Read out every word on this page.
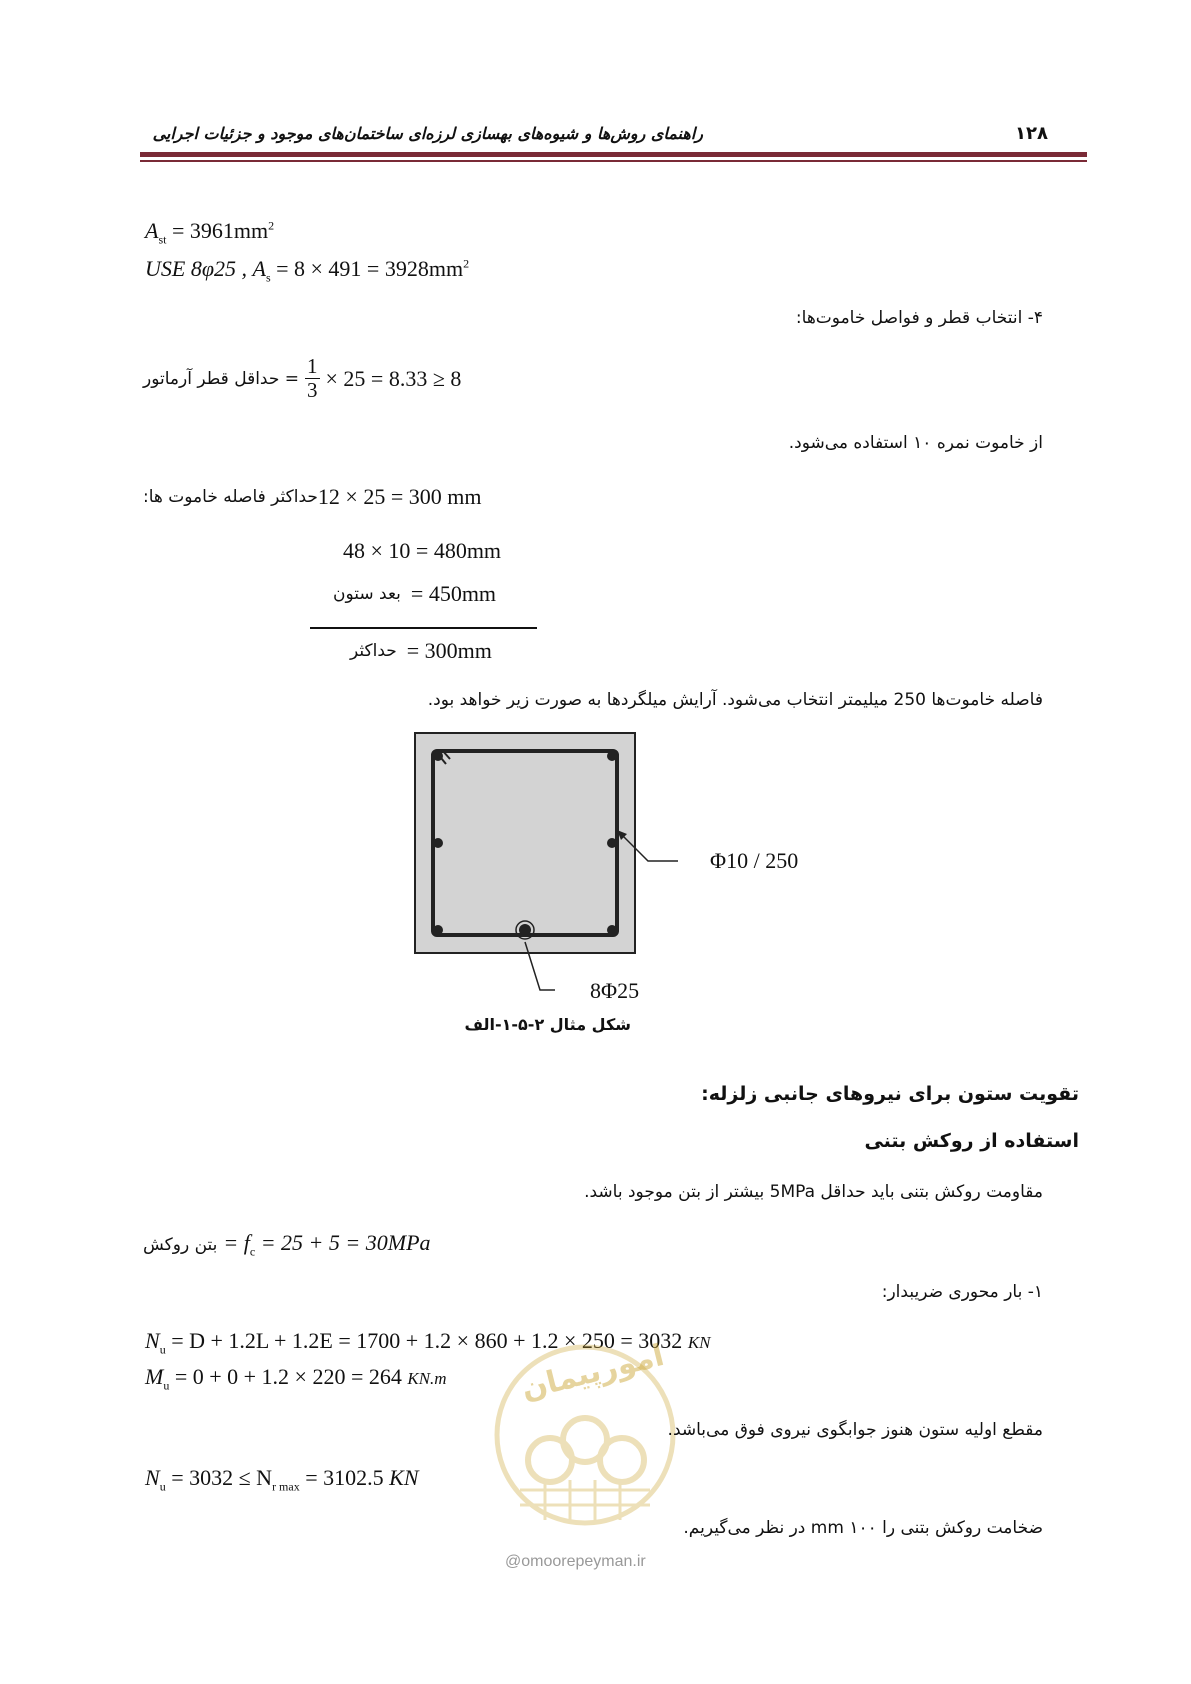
۱۲۸
راهنمای روش‌ها و شیوه‌های بهسازی لرزه‌ای ساختمان‌های موجود و جزئیات اجرایی
$A_{st} = 3961mm^2$
USE 8φ25 , $A_s = 8 \times 491 = 3928mm^2$
۴- انتخاب قطر و فواصل خاموت‌ها:
= حداقل قطر آرماتور $\frac{1}{3} \times 25 = 8.33 \ge 8$
از خاموت نمره ۱۰ استفاده می‌شود.
حداکثر فاصله خاموت ها: 12 × 25 = 300 mm
48 × 10 = 480mm
بعد ستون = 450mm
حداکثر = 300mm
فاصله خاموت‌ها 250 میلیمتر انتخاب می‌شود. آرایش میلگردها به صورت زیر خواهد بود.
Φ10 / 250
8Φ25
شکل مثال ۲-۵-۱-الف
تقویت ستون برای نیروهای جانبی زلزله:
استفاده از روکش بتنی
مقاومت روکش بتنی باید حداقل 5MPa بیشتر از بتن موجود باشد.
بتن روکش = $f_c = 25 + 5 = 30MPa$
۱- بار محوری ضریبدار:
$N_u = D + 1.2L + 1.2E = 1700 + 1.2 \times 860 + 1.2 \times 250 = 3032$ KN
$M_u = 0 + 0 + 1.2 \times 220 = 264$ KN.m امورپیمان
@omoorepeyman.ir
مقطع اولیه ستون هنوز جوابگوی نیروی فوق می‌باشد.
$N_u = 3032 \le N_{r max} = 3102.5$ KN
ضخامت روکش بتنی را ۱۰۰ mm در نظر می‌گیریم.
